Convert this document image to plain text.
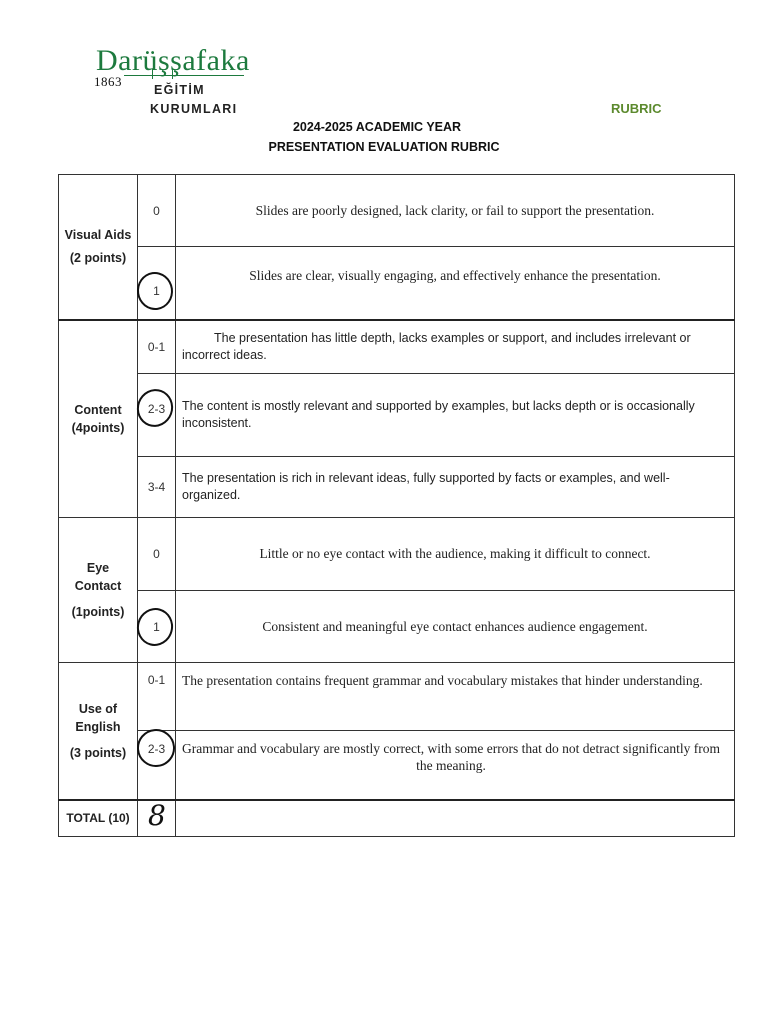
Darüşşafaka
1863
EĞİTİM
KURUMLARI	RUBRIC
2024-2025 ACADEMIC YEAR
PRESENTATION EVALUATION RUBRIC
Visual Aids
(2 points)	0	Slides are poorly designed, lack clarity, or fail to support the presentation.
	1	Slides are clear, visually engaging, and effectively enhance the presentation.

Content
(4points)	0-1	The presentation has little depth, lacks examples or support, and includes irrelevant or incorrect ideas.
	2-3	The content is mostly relevant and supported by examples, but lacks depth or is occasionally inconsistent.
	3-4	The presentation is rich in relevant ideas, fully supported by facts or examples, and well-organized.

Eye
Contact
(1points)	0	Little or no eye contact with the audience, making it difficult to connect.
	1	Consistent and meaningful eye contact enhances audience engagement.

Use of
English
(3 points)	0-1	The presentation contains frequent grammar and vocabulary mistakes that hinder understanding.
	2-3	Grammar and vocabulary are mostly correct, with some errors that do not detract significantly from the meaning.
TOTAL (10)	8	
